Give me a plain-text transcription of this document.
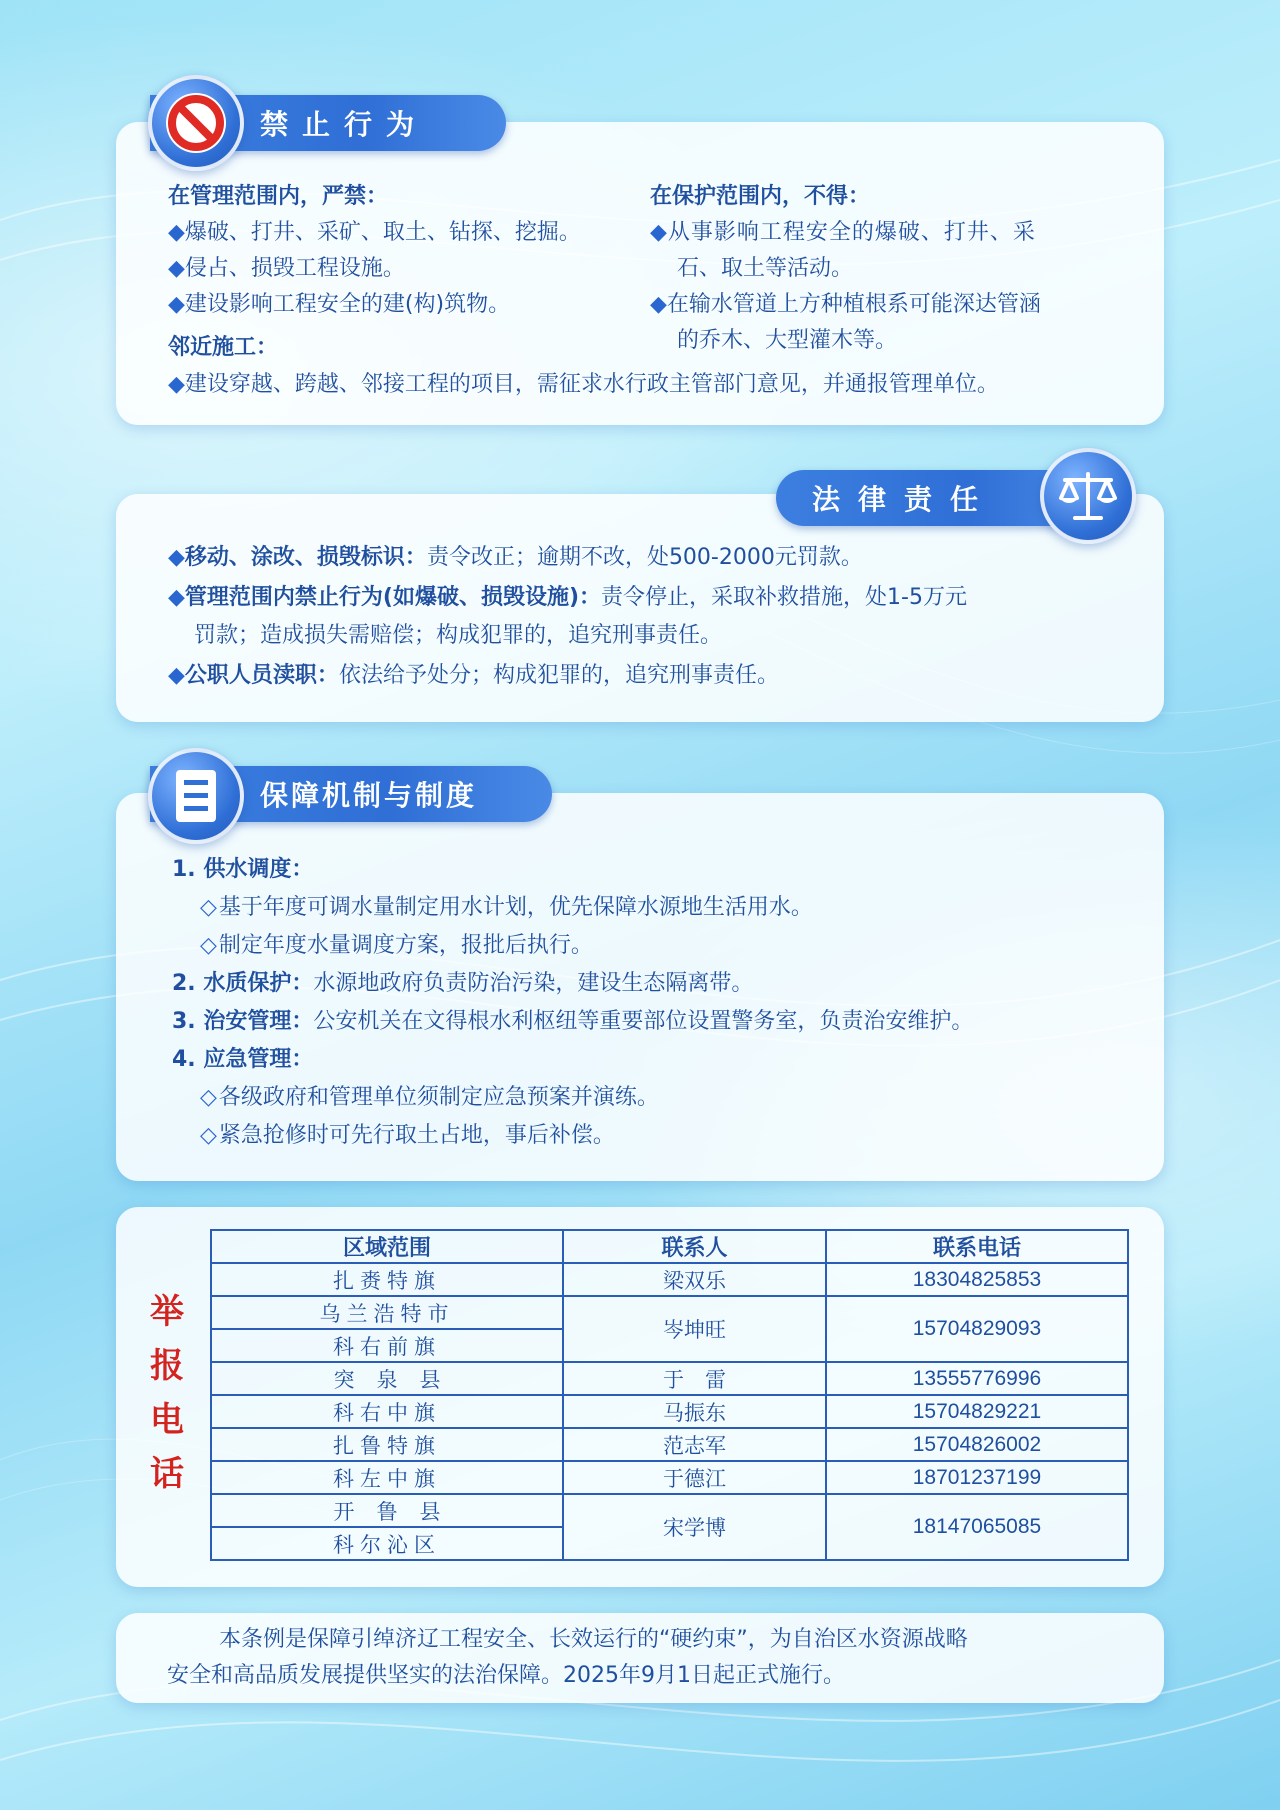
禁止行为
在管理范围内，严禁：
◆爆破、打井、采矿、取土、钻探、挖掘。
◆侵占、损毁工程设施。
◆建设影响工程安全的建(构)筑物。
在保护范围内，不得：
◆从事影响工程安全的爆破、打井、采
石、取土等活动。
◆在输水管道上方种植根系可能深达管涵
的乔木、大型灌木等。
邻近施工：
◆建设穿越、跨越、邻接工程的项目，需征求水行政主管部门意见，并通报管理单位。
法律责任
◆移动、涂改、损毁标识：责令改正；逾期不改，处500-2000元罚款。
◆管理范围内禁止行为(如爆破、损毁设施)：责令停止，采取补救措施，处1-5万元
罚款；造成损失需赔偿；构成犯罪的，追究刑事责任。
◆公职人员渎职：依法给予处分；构成犯罪的，追究刑事责任。
保障机制与制度
1. 供水调度：
◇基于年度可调水量制定用水计划，优先保障水源地生活用水。
◇制定年度水量调度方案，报批后执行。
2. 水质保护：水源地政府负责防治污染，建设生态隔离带。
3. 治安管理：公安机关在文得根水利枢纽等重要部位设置警务室，负责治安维护。
4. 应急管理：
◇各级政府和管理单位须制定应急预案并演练。
◇紧急抢修时可先行取土占地，事后补偿。
举
报
电
话
区域范围	联系人	联系电话
扎赉特旗	梁双乐	18304825853
乌兰浩特市	岑坤旺	15704829093
科右前旗		
突泉县	于　雷	13555776996
科右中旗	马振东	15704829221
扎鲁特旗	范志军	15704826002
科左中旗	于德江	18701237199
开鲁县	宋学博	18147065085
科尔沁区		
本条例是保障引绰济辽工程安全、长效运行的“硬约束”，为自治区水资源战略
安全和高品质发展提供坚实的法治保障。2025年9月1日起正式施行。
